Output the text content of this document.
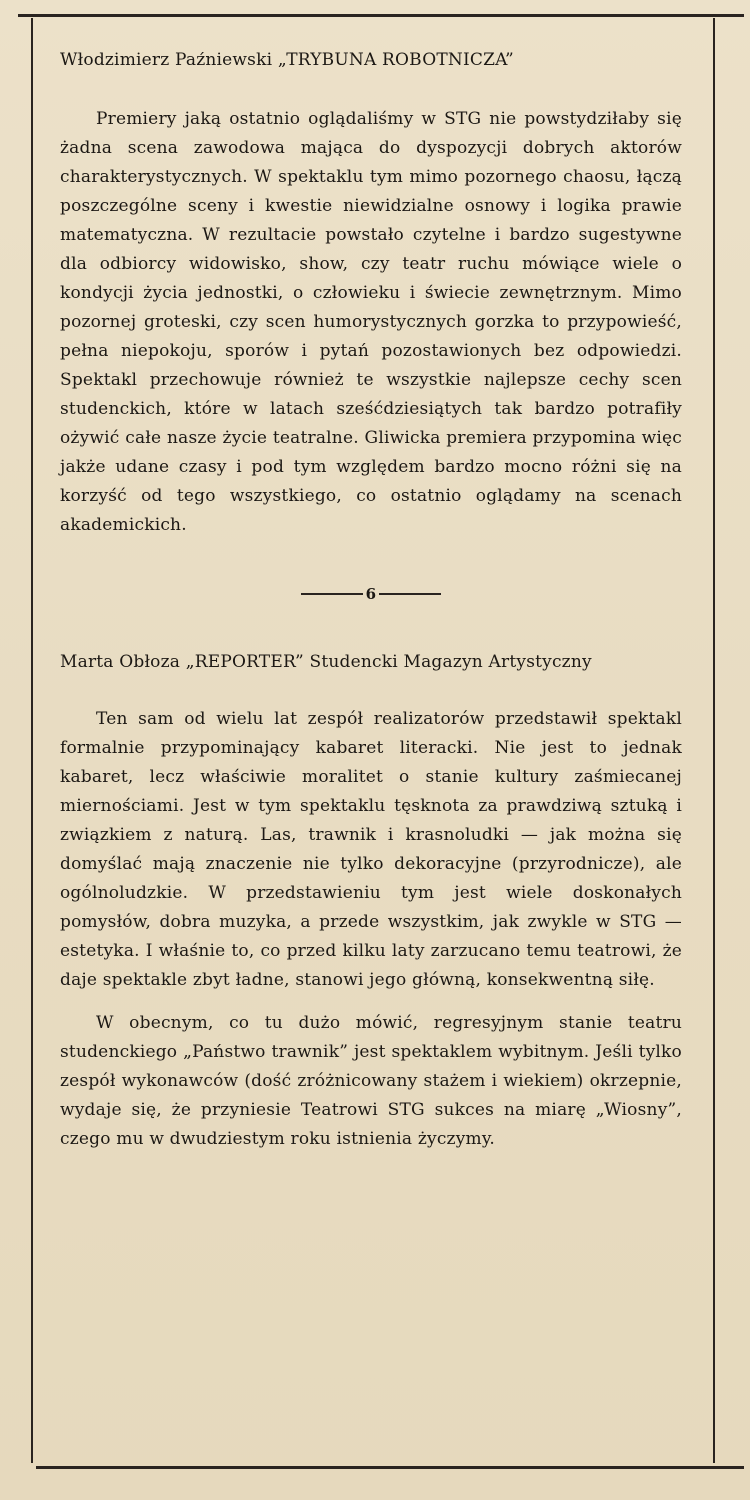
Włodzimierz Paźniewski „TRYBUNA ROBOTNICZA”

Premiery jaką ostatnio oglądaliśmy w STG nie powstydziłaby się żadna scena zawodowa mająca do dyspozycji dobrych aktorów charakterystycznych. W spektaklu tym mimo pozornego chaosu, łączą poszczególne sceny i kwestie niewidzialne osnowy i logika prawie matematyczna. W rezultacie powstało czytelne i bardzo sugestywne dla odbiorcy widowisko, show, czy teatr ruchu mówiące wiele o kondycji życia jednostki, o człowieku i świecie zewnętrznym. Mimo pozornej groteski, czy scen humorystycznych gorzka to przypowieść, pełna niepokoju, sporów i pytań pozostawionych bez odpowiedzi. Spektakl przechowuje również te wszystkie najlepsze cechy scen studenckich, które w latach sześćdziesiątych tak bardzo potrafiły ożywić całe nasze życie teatralne. Gliwicka premiera przypomina więc jakże udane czasy i pod tym względem bardzo mocno różni się na korzyść od tego wszystkiego, co ostatnio oglądamy na scenach akademickich.

6
Marta Obłoza „REPORTER” Studencki Magazyn Artystyczny

Ten sam od wielu lat zespół realizatorów przedstawił spektakl formalnie przypominający kabaret literacki. Nie jest to jednak kabaret, lecz właściwie moralitet o stanie kultury zaśmiecanej miernościami. Jest w tym spektaklu tęsknota za prawdziwą sztuką i związkiem z naturą. Las, trawnik i krasnoludki — jak można się domyślać mają znaczenie nie tylko dekoracyjne (przyrodnicze), ale ogólnoludzkie. W przedstawieniu tym jest wiele doskonałych pomysłów, dobra muzyka, a przede wszystkim, jak zwykle w STG — estetyka. I właśnie to, co przed kilku laty zarzucano temu teatrowi, że daje spektakle zbyt ładne, stanowi jego główną, konsekwentną siłę.

W obecnym, co tu dużo mówić, regresyjnym stanie teatru studenckiego „Państwo trawnik” jest spektaklem wybitnym. Jeśli tylko zespół wykonawców (dość zróżnicowany stażem i wiekiem) okrzepnie, wydaje się, że przyniesie Teatrowi STG sukces na miarę „Wiosny”, czego mu w dwudziestym roku istnienia życzymy.
